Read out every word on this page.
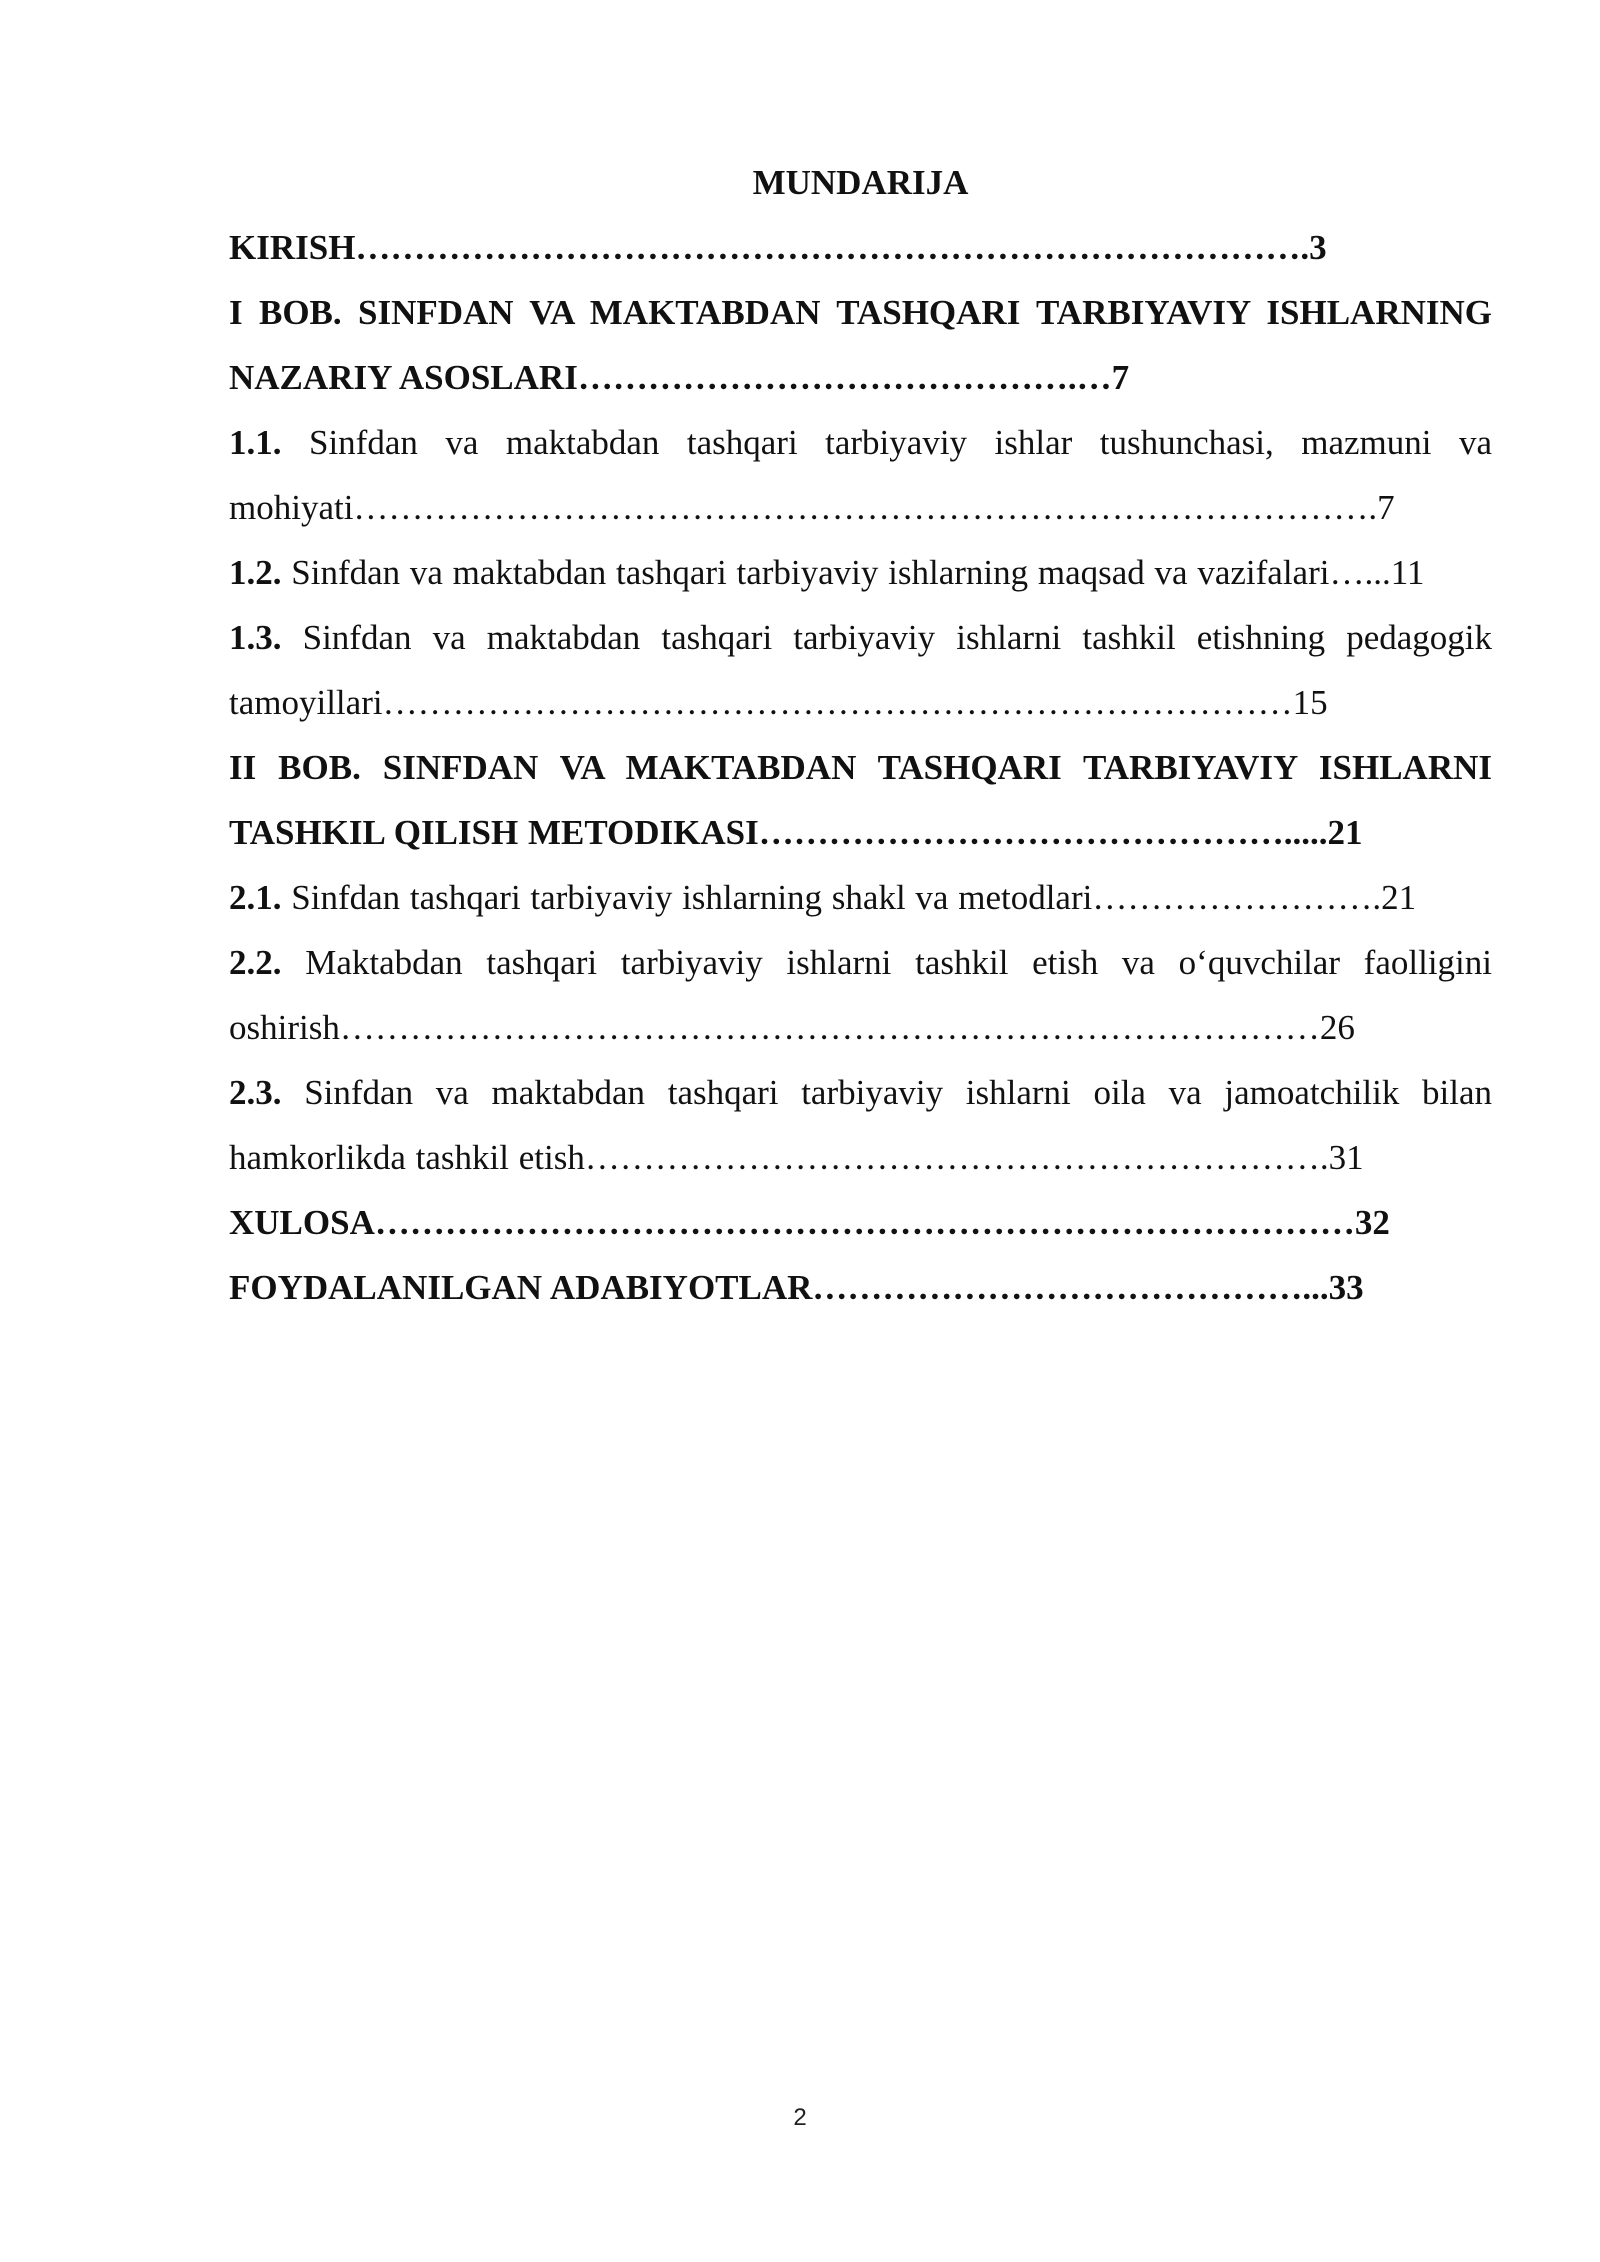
MUNDARIJA
KIRISH……………………………………………………………………….3
I BOB. SINFDAN VA MAKTABDAN TASHQARI TARBIYAVIY ISHLARNING NAZARIY ASOSLARI…………………………………….…7
1.1. Sinfdan va maktabdan tashqari tarbiyaviy ishlar tushunchasi, mazmuni va mohiyati…………………………………………………………………………….7
1.2. Sinfdan va maktabdan tashqari tarbiyaviy ishlarning maqsad va vazifalari…...11
1.3. Sinfdan va maktabdan tashqari tarbiyaviy ishlarni tashkil etishning pedagogik tamoyillari……………………………………………………………………15
II BOB. SINFDAN VA MAKTABDAN TASHQARI TARBIYAVIY ISHLARNI TASHKIL QILISH METODIKASI……………………………………….....21
2.1. Sinfdan tashqari tarbiyaviy ishlarning shakl va metodlari…………………….21
2.2. Maktabdan tashqari tarbiyaviy ishlarni tashkil etish va o‘quvchilar faolligini oshirish…………………………………………………………………………26
2.3. Sinfdan va maktabdan tashqari tarbiyaviy ishlarni oila va jamoatchilik bilan hamkorlikda tashkil etish……………………………………………………….31
XULOSA…………………………………………………………………………32
FOYDALANILGAN ADABIYOTLAR……………………………………...33
2
